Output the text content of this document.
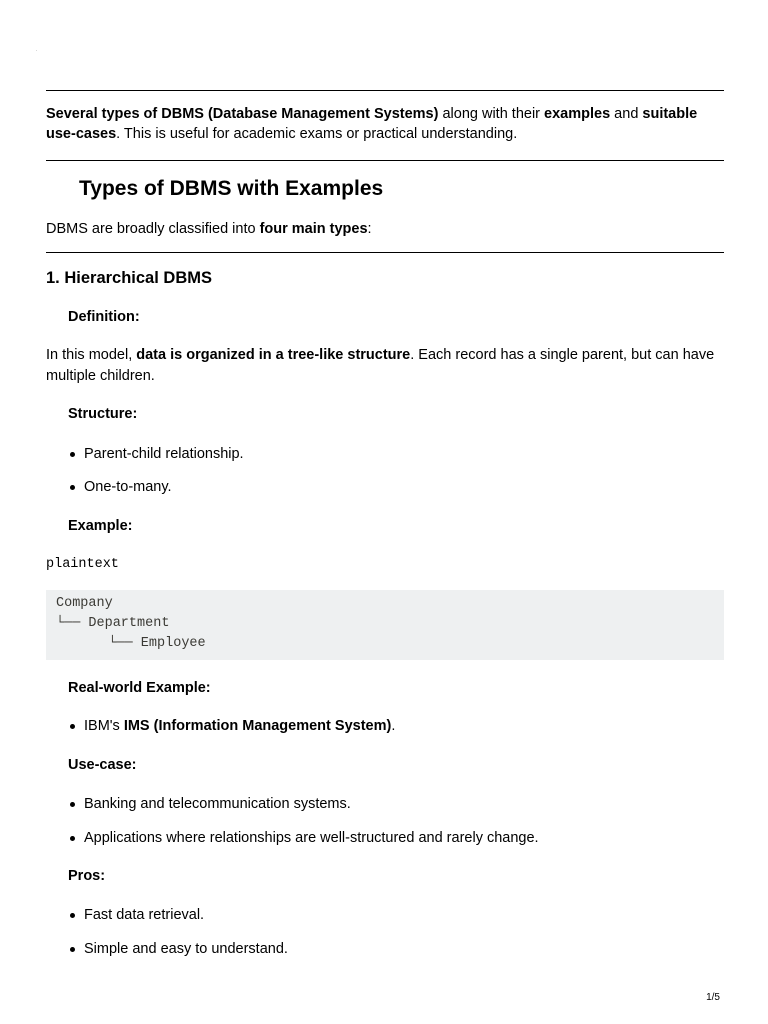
Several types of DBMS (Database Management Systems) along with their examples and suitable use-cases. This is useful for academic exams or practical understanding.
Types of DBMS with Examples
DBMS are broadly classified into four main types:
1. Hierarchical DBMS
Definition:
In this model, data is organized in a tree-like structure. Each record has a single parent, but can have multiple children.
Structure:
Parent-child relationship.
One-to-many.
Example:
plaintext
Company
└── Department
└── Employee
Real-world Example:
IBM's IMS (Information Management System).
Use-case:
Banking and telecommunication systems.
Applications where relationships are well-structured and rarely change.
Pros:
Fast data retrieval.
Simple and easy to understand.
1/5
